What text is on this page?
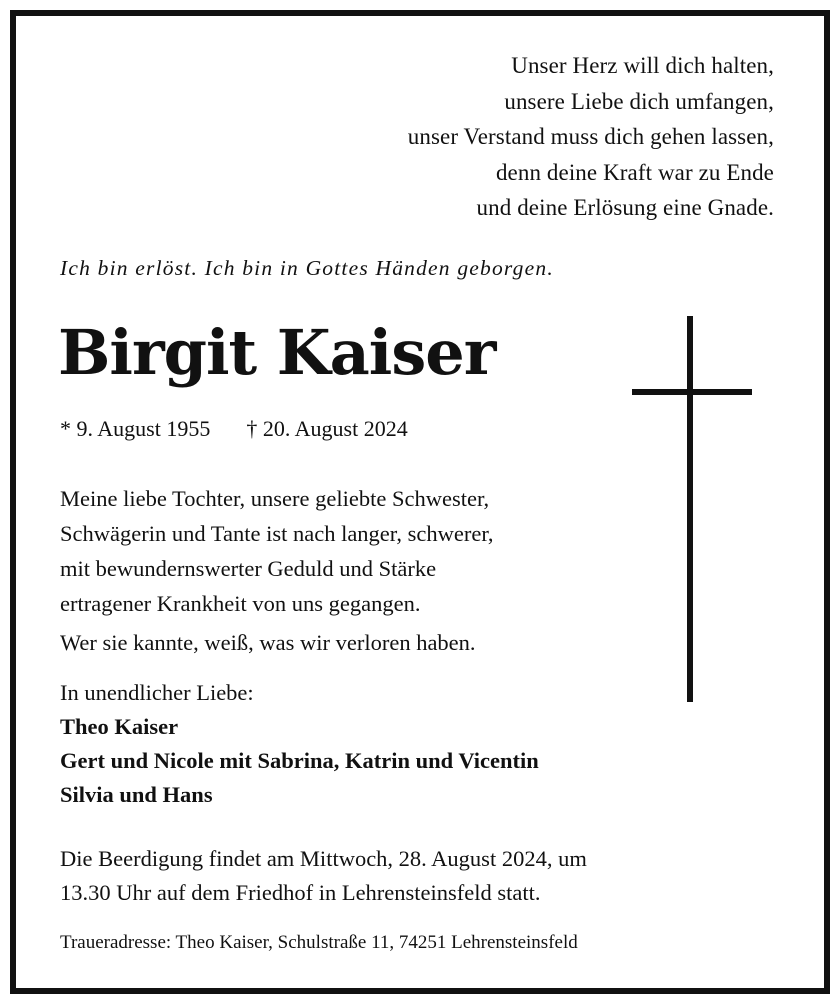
Unser Herz will dich halten,
unsere Liebe dich umfangen,
unser Verstand muss dich gehen lassen,
denn deine Kraft war zu Ende
und deine Erlösung eine Gnade.
Ich bin erlöst. Ich bin in Gottes Händen geborgen.
Birgit Kaiser
* 9. August 1955 † 20. August 2024
Meine liebe Tochter, unsere geliebte Schwester,
Schwägerin und Tante ist nach langer, schwerer,
mit bewundernswerter Geduld und Stärke
ertragener Krankheit von uns gegangen.
Wer sie kannte, weiß, was wir verloren haben.
In unendlicher Liebe:
Theo Kaiser
Gert und Nicole mit Sabrina, Katrin und Vicentin
Silvia und Hans
Die Beerdigung findet am Mittwoch, 28. August 2024, um
13.30 Uhr auf dem Friedhof in Lehrensteinsfeld statt.
Traueradresse: Theo Kaiser, Schulstraße 11, 74251 Lehrensteinsfeld
